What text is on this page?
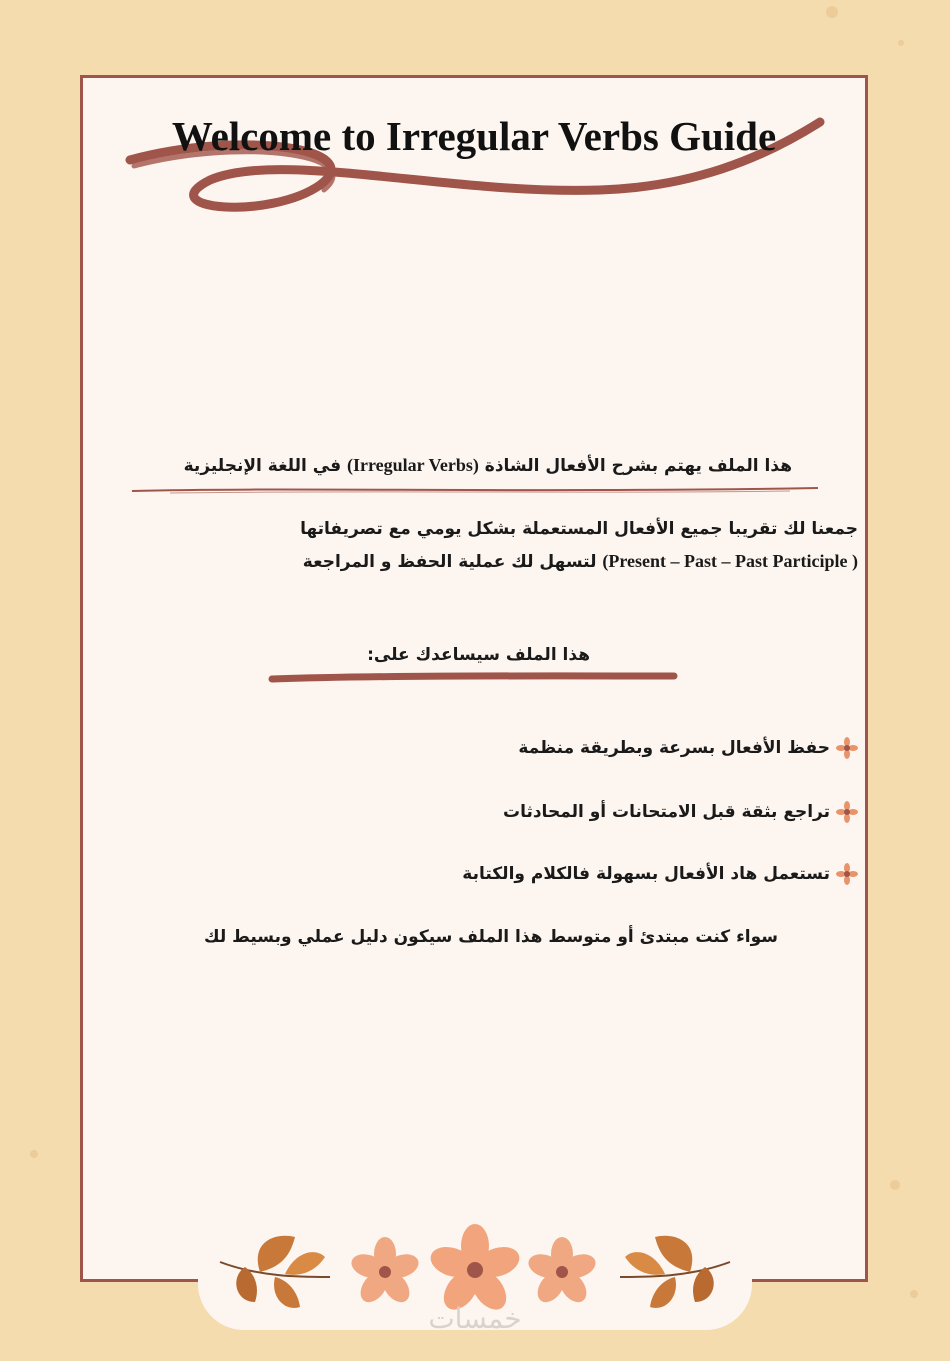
Welcome to Irregular Verbs Guide

هذا الملف يهتم بشرح الأفعال الشاذة (Irregular Verbs) في اللغة الإنجليزية

جمعنا لك تقريبا جميع الأفعال المستعملة بشكل يومي مع تصريفاتها

(Present – Past – Past Participle ) لتسهل لك عملية الحفظ و المراجعة

هذا الملف سيساعدك على:

حفظ الأفعال بسرعة وبطريقة منظمة

تراجع بثقة قبل الامتحانات أو المحادثات

تستعمل هاد الأفعال بسهولة فالكلام والكتابة

سواء كنت مبتدئ أو متوسط هذا الملف سيكون دليل عملي وبسيط لك

خمسات
